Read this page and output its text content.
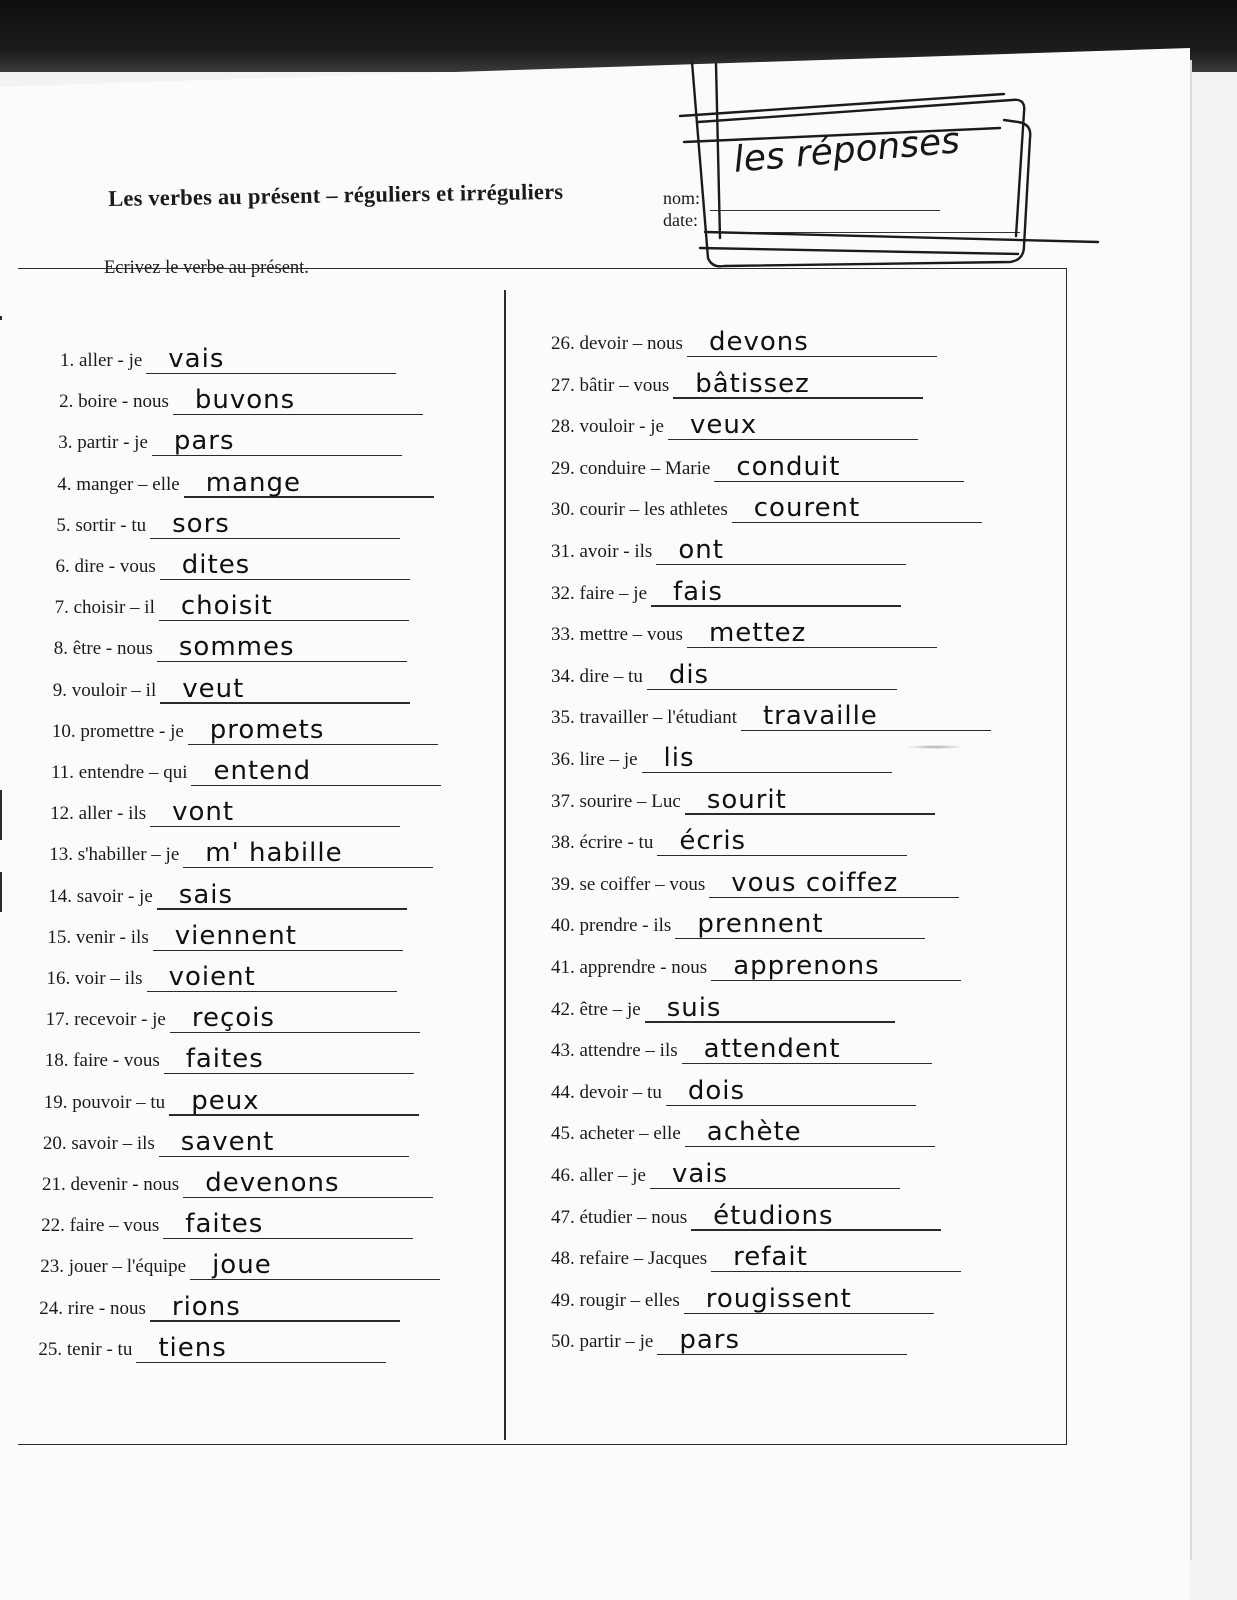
Les verbes au présent – réguliers et irréguliers	nom:
date:
les réponses
Ecrivez le verbe au présent.
1. aller - je vais
2. boire - nous buvons
3. partir - je pars
4. manger – elle mange
5. sortir - tu sors
6. dire - vous dites
7. choisir – il choisit
8. être - nous sommes
9. vouloir – il veut
10. promettre - je promets
11. entendre – qui entend
12. aller - ils vont
13. s'habiller – je m' habille
14. savoir - je sais
15. venir - ils viennent
16. voir – ils voient
17. recevoir - je reçois
18. faire - vous faites
19. pouvoir – tu peux
20. savoir – ils savent
21. devenir - nous devenons
22. faire – vous faites
23. jouer – l'équipe joue
24. rire - nous rions
25. tenir - tu tiens
26. devoir – nous devons
27. bâtir – vous bâtissez
28. vouloir - je veux
29. conduire – Marie conduit
30. courir – les athletes courent
31. avoir - ils ont
32. faire – je fais
33. mettre – vous mettez
34. dire – tu dis
35. travailler – l'étudiant travaille
36. lire – je lis
37. sourire – Luc sourit
38. écrire - tu écris
39. se coiffer – vous vous coiffez
40. prendre - ils prennent
41. apprendre - nous apprenons
42. être – je suis
43. attendre – ils attendent
44. devoir – tu dois
45. acheter – elle achète
46. aller – je vais
47. étudier – nous étudions
48. refaire – Jacques refait
49. rougir – elles rougissent
50. partir – je pars
